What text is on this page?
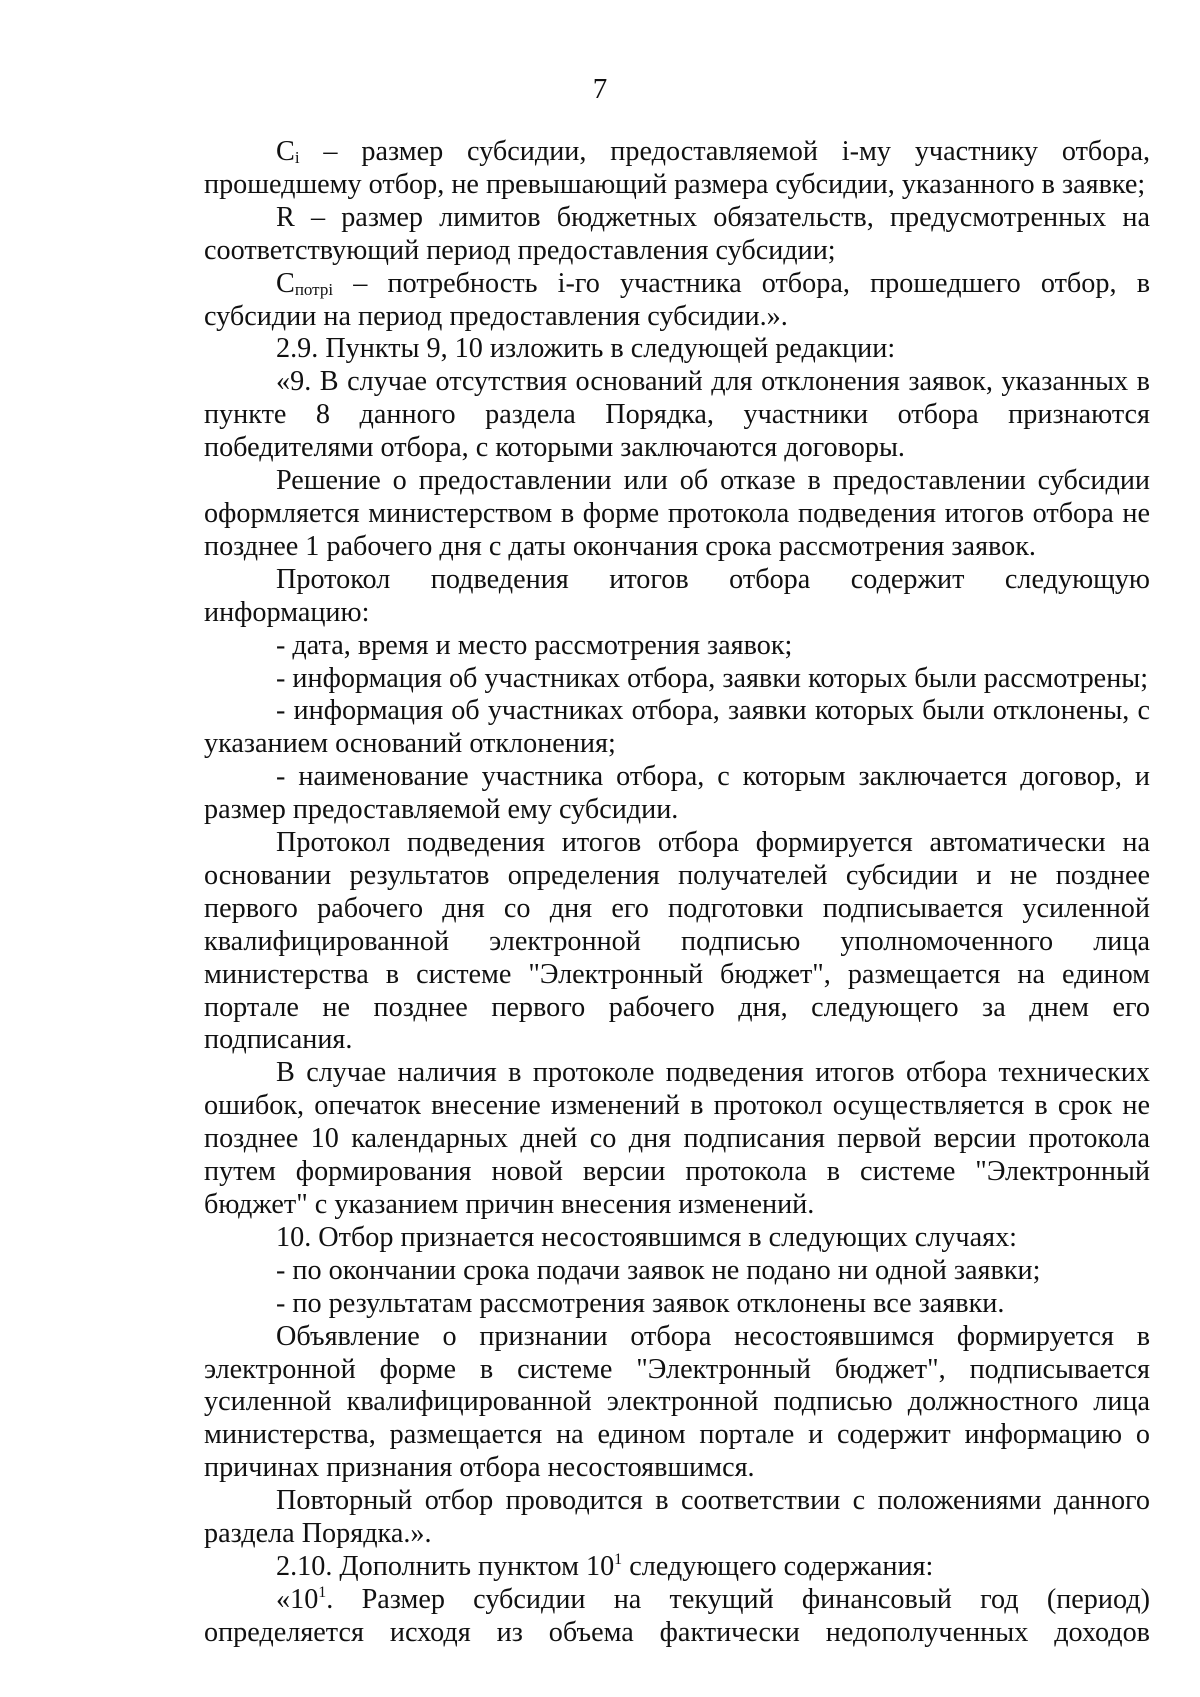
7

$C_i$ – размер субсидии, предоставляемой i-му участнику отбора, прошедшему отбор, не превышающий размера субсидии, указанного в заявке;

R – размер лимитов бюджетных обязательств, предусмотренных на соответствующий период предоставления субсидии;

$C_{потрi}$ – потребность i-го участника отбора, прошедшего отбор, в субсидии на период предоставления субсидии.».

2.9. Пункты 9, 10 изложить в следующей редакции:

«9. В случае отсутствия оснований для отклонения заявок, указанных в пункте 8 данного раздела Порядка, участники отбора признаются победителями отбора, с которыми заключаются договоры.

Решение о предоставлении или об отказе в предоставлении субсидии оформляется министерством в форме протокола подведения итогов отбора не позднее 1 рабочего дня с даты окончания срока рассмотрения заявок.

Протокол подведения итогов отбора содержит следующую информацию:

- дата, время и место рассмотрения заявок;

- информация об участниках отбора, заявки которых были рассмотрены;

- информация об участниках отбора, заявки которых были отклонены, с указанием оснований отклонения;

- наименование участника отбора, с которым заключается договор, и размер предоставляемой ему субсидии.

Протокол подведения итогов отбора формируется автоматически на основании результатов определения получателей субсидии и не позднее первого рабочего дня со дня его подготовки подписывается усиленной квалифицированной электронной подписью уполномоченного лица министерства в системе "Электронный бюджет", размещается на едином портале не позднее первого рабочего дня, следующего за днем его подписания.

В случае наличия в протоколе подведения итогов отбора технических ошибок, опечаток внесение изменений в протокол осуществляется в срок не позднее 10 календарных дней со дня подписания первой версии протокола путем формирования новой версии протокола в системе "Электронный бюджет" с указанием причин внесения изменений.

10. Отбор признается несостоявшимся в следующих случаях:

- по окончании срока подачи заявок не подано ни одной заявки;

- по результатам рассмотрения заявок отклонены все заявки.

Объявление о признании отбора несостоявшимся формируется в электронной форме в системе "Электронный бюджет", подписывается усиленной квалифицированной электронной подписью должностного лица министерства, размещается на едином портале и содержит информацию о причинах признания отбора несостоявшимся.

Повторный отбор проводится в соответствии с положениями данного раздела Порядка.».

2.10. Дополнить пунктом $10^1$ следующего содержания:

«$10^1$. Размер субсидии на текущий финансовый год (период) определяется исходя из объема фактически недополученных доходов
